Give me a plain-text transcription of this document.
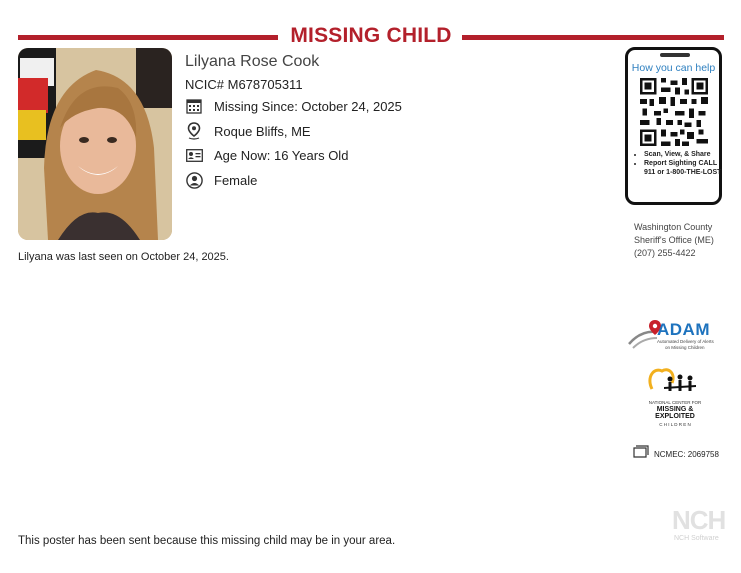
MISSING CHILD
Lilyana Rose Cook
NCIC# M678705311
Missing Since: October 24, 2025
Roque Bliffs, ME
Age Now: 16 Years Old
Female
Lilyana was last seen on October 24, 2025.
How you can help
• Scan, View, & Share
• Report Sighting CALL 911 or 1-800-THE-LOST
Washington County
Sheriff's Office (ME)
(207) 255-4422
ADAM
Automated Delivery of Alerts
on Missing Children
NATIONAL CENTER FOR
MISSING &
EXPLOITED
C H I L D R E N
NCMEC: 2069758
NCH
NCH Software
This poster has been sent because this missing child may be in your area.
